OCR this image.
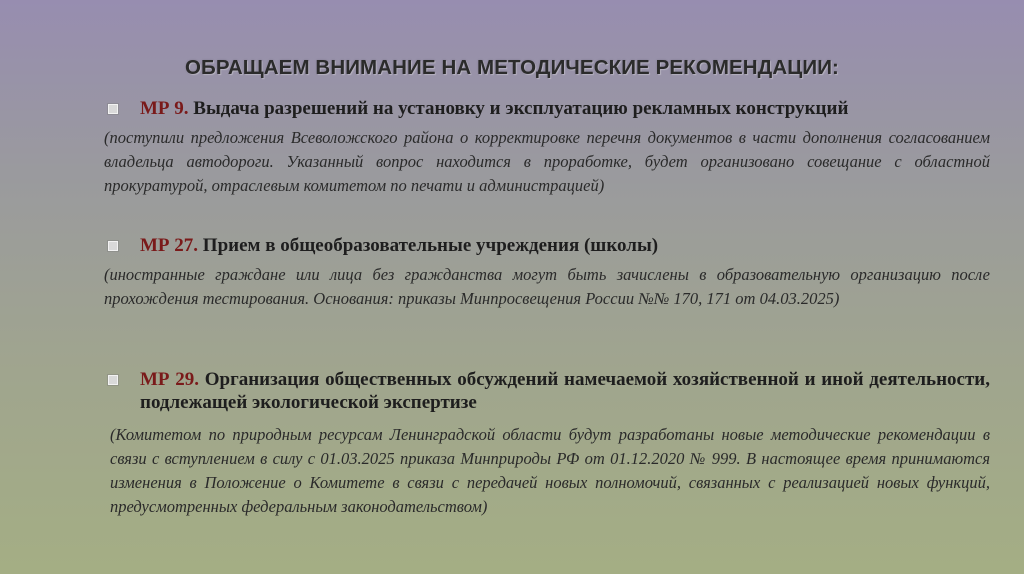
ОБРАЩАЕМ ВНИМАНИЕ НА МЕТОДИЧЕСКИЕ РЕКОМЕНДАЦИИ:
МР 9. Выдача разрешений на установку и эксплуатацию рекламных конструкций
(поступили предложения Всеволожского района о корректировке перечня документов в части дополнения согласованием владельца автодороги. Указанный вопрос находится в проработке, будет организовано совещание с областной прокуратурой, отраслевым комитетом по печати и администрацией)
МР 27. Прием в общеобразовательные учреждения (школы)
(иностранные граждане или лица без гражданства могут быть зачислены в образовательную организацию после прохождения тестирования. Основания: приказы Минпросвещения России №№ 170, 171 от 04.03.2025)
МР 29. Организация общественных обсуждений намечаемой хозяйственной и иной деятельности, подлежащей экологической экспертизе
(Комитетом по природным ресурсам Ленинградской области будут разработаны новые методические рекомендации в связи с вступлением в силу с 01.03.2025 приказа Минприроды РФ от 01.12.2020 № 999. В настоящее время принимаются изменения в Положение о Комитете в связи с передачей новых полномочий, связанных с реализацией новых функций, предусмотренных федеральным законодательством)
